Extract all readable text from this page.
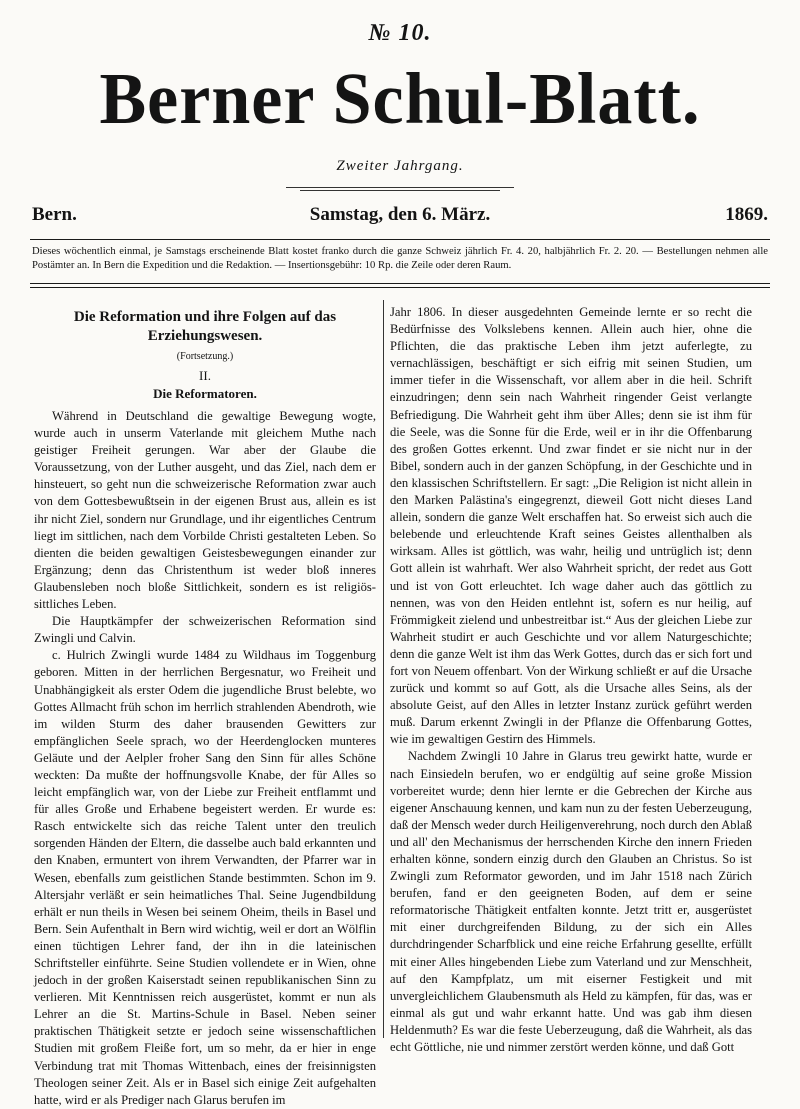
№ 10.
Berner Schul-Blatt.
Zweiter Jahrgang.
Bern.	Samstag, den 6. März.	1869.
Dieses wöchentlich einmal, je Samstags erscheinende Blatt kostet franko durch die ganze Schweiz jährlich Fr. 4. 20, halbjährlich Fr. 2. 20. — Bestellungen nehmen alle Postämter an. In Bern die Expedition und die Redaktion. — Insertionsgebühr: 10 Rp. die Zeile oder deren Raum.
Die Reformation und ihre Folgen auf das Erziehungswesen.
(Fortsetzung.)
II.
Die Reformatoren.

Während in Deutschland die gewaltige Bewegung wogte, wurde auch in unserm Vaterlande mit gleichem Muthe nach geistiger Freiheit gerungen. War aber der Glaube die Voraussetzung, von der Luther ausgeht, und das Ziel, nach dem er hinsteuert, so geht nun die schweizerische Reformation zwar auch von dem Gottesbewußtsein in der eigenen Brust aus, allein es ist ihr nicht Ziel, sondern nur Grundlage, und ihr eigentliches Centrum liegt im sittlichen, nach dem Vorbilde Christi gestalteten Leben. So dienten die beiden gewaltigen Geistesbewegungen einander zur Ergänzung; denn das Christenthum ist weder bloß inneres Glaubensleben noch bloße Sittlichkeit, sondern es ist religiös-sittliches Leben.

Die Hauptkämpfer der schweizerischen Reformation sind Zwingli und Calvin.

c. Hulrich Zwingli wurde 1484 zu Wildhaus im Toggenburg geboren. Mitten in der herrlichen Bergesnatur, wo Freiheit und Unabhängigkeit als erster Odem die jugendliche Brust belebte, wo Gottes Allmacht früh schon im herrlich strahlenden Abendroth, wie im wilden Sturm des daher brausenden Gewitters zur empfänglichen Seele sprach, wo der Heerdenglocken munteres Geläute und der Aelpler froher Sang den Sinn für alles Schöne weckten: Da mußte der hoffnungsvolle Knabe, der für Alles so leicht empfänglich war, von der Liebe zur Freiheit entflammt und für alles Große und Erhabene begeistert werden. Er wurde es: Rasch entwickelte sich das reiche Talent unter den treulich sorgenden Händen der Eltern, die dasselbe auch bald erkannten und den Knaben, ermuntert von ihrem Verwandten, der Pfarrer war in Wesen, ebenfalls zum geistlichen Stande bestimmten. Schon im 9. Altersjahr verläßt er sein heimatliches Thal. Seine Jugendbildung erhält er nun theils in Wesen bei seinem Oheim, theils in Basel und Bern. Sein Aufenthalt in Bern wird wichtig, weil er dort an Wölflin einen tüchtigen Lehrer fand, der ihn in die lateinischen Schriftsteller einführte. Seine Studien vollendete er in Wien, ohne jedoch in der großen Kaiserstadt seinen republikanischen Sinn zu verlieren. Mit Kenntnissen reich ausgerüstet, kommt er nun als Lehrer an die St. Martins-Schule in Basel. Neben seiner praktischen Thätigkeit setzte er jedoch seine wissenschaftlichen Studien mit großem Fleiße fort, um so mehr, da er hier in enge Verbindung trat mit Thomas Wittenbach, eines der freisinnigsten Theologen seiner Zeit. Als er in Basel sich einige Zeit aufgehalten hatte, wird er als Prediger nach Glarus berufen im

Jahr 1806. In dieser ausgedehnten Gemeinde lernte er so recht die Bedürfnisse des Volkslebens kennen. Allein auch hier, ohne die Pflichten, die das praktische Leben ihm jetzt auferlegte, zu vernachlässigen, beschäftigt er sich eifrig mit seinen Studien, um immer tiefer in die Wissenschaft, vor allem aber in die heil. Schrift einzudringen; denn sein nach Wahrheit ringender Geist verlangte Befriedigung. Die Wahrheit geht ihm über Alles; denn sie ist ihm für die Seele, was die Sonne für die Erde, weil er in ihr die Offenbarung des großen Gottes erkennt. Und zwar findet er sie nicht nur in der Bibel, sondern auch in der ganzen Schöpfung, in der Geschichte und in den klassischen Schriftstellern. Er sagt: „Die Religion ist nicht allein in den Marken Palästina's eingegrenzt, dieweil Gott nicht dieses Land allein, sondern die ganze Welt erschaffen hat. So erweist sich auch die belebende und erleuchtende Kraft seines Geistes allenthalben als wirksam. Alles ist göttlich, was wahr, heilig und untrüglich ist; denn Gott allein ist wahrhaft. Wer also Wahrheit spricht, der redet aus Gott und ist von Gott erleuchtet. Ich wage daher auch das göttlich zu nennen, was von den Heiden entlehnt ist, sofern es nur heilig, auf Frömmigkeit zielend und unbestreitbar ist.“ Aus der gleichen Liebe zur Wahrheit studirt er auch Geschichte und vor allem Naturgeschichte; denn die ganze Welt ist ihm das Werk Gottes, durch das er sich fort und fort von Neuem offenbart. Von der Wirkung schließt er auf die Ursache zurück und kommt so auf Gott, als die Ursache alles Seins, als der absolute Geist, auf den Alles in letzter Instanz zurück geführt werden muß. Darum erkennt Zwingli in der Pflanze die Offenbarung Gottes, wie im gewaltigen Gestirn des Himmels.

Nachdem Zwingli 10 Jahre in Glarus treu gewirkt hatte, wurde er nach Einsiedeln berufen, wo er endgültig auf seine große Mission vorbereitet wurde; denn hier lernte er die Gebrechen der Kirche aus eigener Anschauung kennen, und kam nun zu der festen Ueberzeugung, daß der Mensch weder durch Heiligenverehrung, noch durch den Ablaß und all' den Mechanismus der herrschenden Kirche den innern Frieden erhalten könne, sondern einzig durch den Glauben an Christus. So ist Zwingli zum Reformator geworden, und im Jahr 1518 nach Zürich berufen, fand er den geeigneten Boden, auf dem er seine reformatorische Thätigkeit entfalten konnte. Jetzt tritt er, ausgerüstet mit einer durchgreifenden Bildung, zu der sich ein Alles durchdringender Scharfblick und eine reiche Erfahrung gesellte, erfüllt mit einer Alles hingebenden Liebe zum Vaterland und zur Menschheit, auf den Kampfplatz, um mit eiserner Festigkeit und mit unvergleichlichem Glaubensmuth als Held zu kämpfen, für das, was er einmal als gut und wahr erkannt hatte. Und was gab ihm diesen Heldenmuth? Es war die feste Ueberzeugung, daß die Wahrheit, als das echt Göttliche, nie und nimmer zerstört werden könne, und daß Gott
